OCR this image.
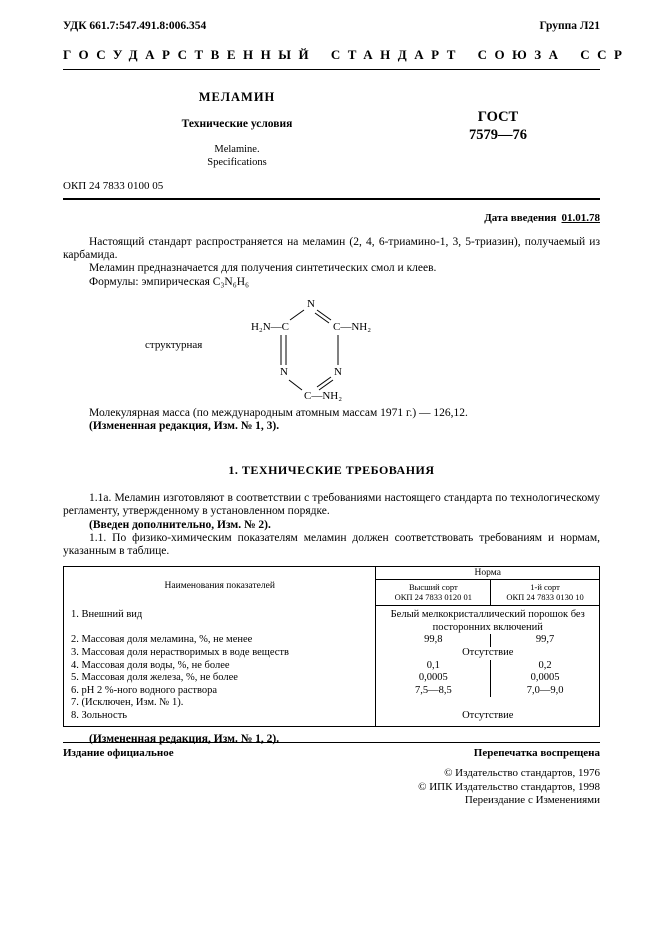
УДК 661.7:547.491.8:006.354	Группа Л21
ГОСУДАРСТВЕННЫЙ СТАНДАРТ СОЮЗА ССР
МЕЛАМИН
Технические условия	ГОСТ
7579—76
Melamine.
Specifications
ОКП 24 7833 0100 05
Дата введения 01.01.78

Настоящий стандарт распространяется на меламин (2, 4, 6-триамино-1, 3, 5-триазин), получаемый из карбамида.

Меламин предназначается для получения синтетических смол и клеев.

Формулы: эмпирическая C₃N₆H₆

структурная
N
H₂N—C	C—NH₂
N	N
C—NH₂

Молекулярная масса (по международным атомным массам 1971 г.) — 126,12.

(Измененная редакция, Изм. № 1, 3).

1. ТЕХНИЧЕСКИЕ ТРЕБОВАНИЯ

1.1а. Меламин изготовляют в соответствии с требованиями настоящего стандарта по технологическому регламенту, утвержденному в установленном порядке.

(Введен дополнительно, Изм. № 2).

1.1. По физико-химическим показателям меламин должен соответствовать требованиям и нормам, указанным в таблице.

Наименования показателей	Норма	

Высший сорт
ОКП 24 7833 0120 01

1-й сорт
ОКП 24 7833 0130 10

1. Внешний вид	Белый мелкокристаллический порошок без посторонних включений	
2. Массовая доля меламина, %, не менее	99,8	99,7
3. Массовая доля нерастворимых в воде веществ	Отсутствие	
4. Массовая доля воды, %, не более	0,1	0,2
5. Массовая доля железа, %, не более	0,0005	0,0005
6. pH 2 %-ного водного раствора	7,5—8,5	7,0—9,0
7. (Исключен, Изм. № 1).		
8. Зольность	Отсутствие	

(Измененная редакция, Изм. № 1, 2).

Издание официальное	Перепечатка воспрещена
© Издательство стандартов, 1976
© ИПК Издательство стандартов, 1998
Переиздание с Изменениями
